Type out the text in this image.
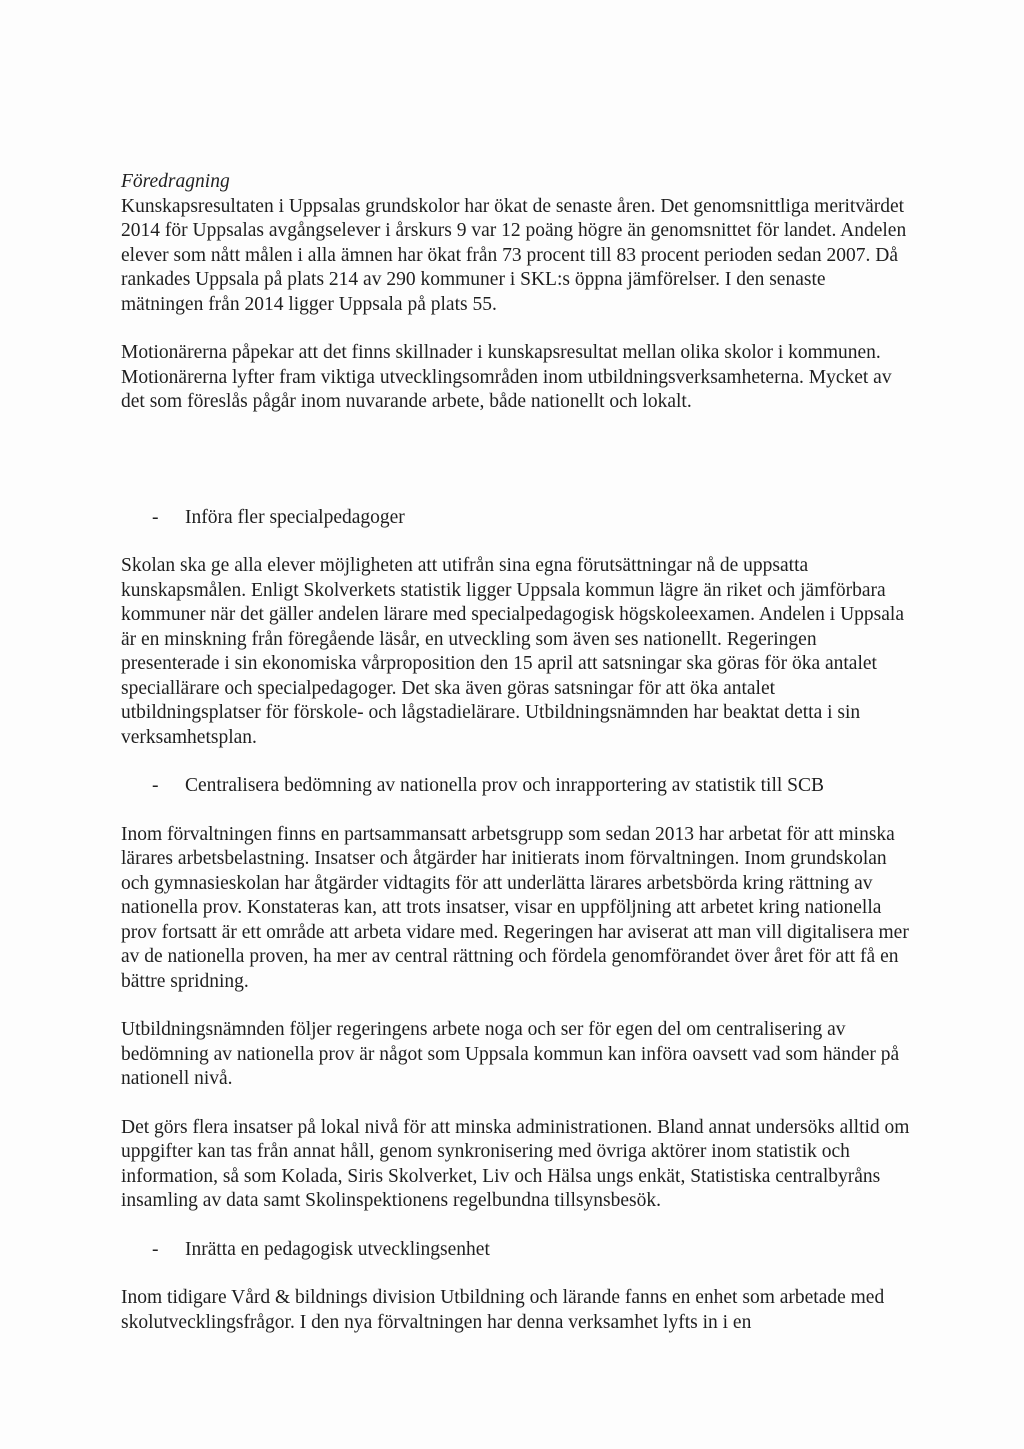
Föredragning

Kunskapsresultaten i Uppsalas grundskolor har ökat de senaste åren. Det genomsnittliga meritvärdet 2014 för Uppsalas avgångselever i årskurs 9 var 12 poäng högre än genomsnittet för landet. Andelen elever som nått målen i alla ämnen har ökat från 73 procent till 83 procent perioden sedan 2007. Då rankades Uppsala på plats 214 av 290 kommuner i SKL:s öppna jämförelser. I den senaste mätningen från 2014 ligger Uppsala på plats 55.

Motionärerna påpekar att det finns skillnader i kunskapsresultat mellan olika skolor i kommunen. Motionärerna lyfter fram viktiga utvecklingsområden inom utbildningsverksamheterna. Mycket av det som föreslås pågår inom nuvarande arbete, både nationellt och lokalt.

-	Införa fler specialpedagoger

Skolan ska ge alla elever möjligheten att utifrån sina egna förutsättningar nå de uppsatta kunskapsmålen. Enligt Skolverkets statistik ligger Uppsala kommun lägre än riket och jämförbara kommuner när det gäller andelen lärare med specialpedagogisk högskoleexamen. Andelen i Uppsala är en minskning från föregående läsår, en utveckling som även ses nationellt. Regeringen presenterade i sin ekonomiska vårproposition den 15 april att satsningar ska göras för öka antalet speciallärare och specialpedagoger. Det ska även göras satsningar för att öka antalet utbildningsplatser för förskole- och lågstadielärare. Utbildningsnämnden har beaktat detta i sin verksamhetsplan.

-	Centralisera bedömning av nationella prov och inrapportering av statistik till SCB

Inom förvaltningen finns en partsammansatt arbetsgrupp som sedan 2013 har arbetat för att minska lärares arbetsbelastning. Insatser och åtgärder har initierats inom förvaltningen. Inom grundskolan och gymnasieskolan har åtgärder vidtagits för att underlätta lärares arbetsbörda kring rättning av nationella prov. Konstateras kan, att trots insatser, visar en uppföljning att arbetet kring nationella prov fortsatt är ett område att arbeta vidare med. Regeringen har aviserat att man vill digitalisera mer av de nationella proven, ha mer av central rättning och fördela genomförandet över året för att få en bättre spridning.

Utbildningsnämnden följer regeringens arbete noga och ser för egen del om centralisering av bedömning av nationella prov är något som Uppsala kommun kan införa oavsett vad som händer på nationell nivå.

Det görs flera insatser på lokal nivå för att minska administrationen. Bland annat undersöks alltid om uppgifter kan tas från annat håll, genom synkronisering med övriga aktörer inom statistik och information, så som Kolada, Siris Skolverket, Liv och Hälsa ungs enkät, Statistiska centralbyråns insamling av data samt Skolinspektionens regelbundna tillsynsbesök.

-	Inrätta en pedagogisk utvecklingsenhet

Inom tidigare Vård & bildnings division Utbildning och lärande fanns en enhet som arbetade med skolutvecklingsfrågor. I den nya förvaltningen har denna verksamhet lyfts in i en
